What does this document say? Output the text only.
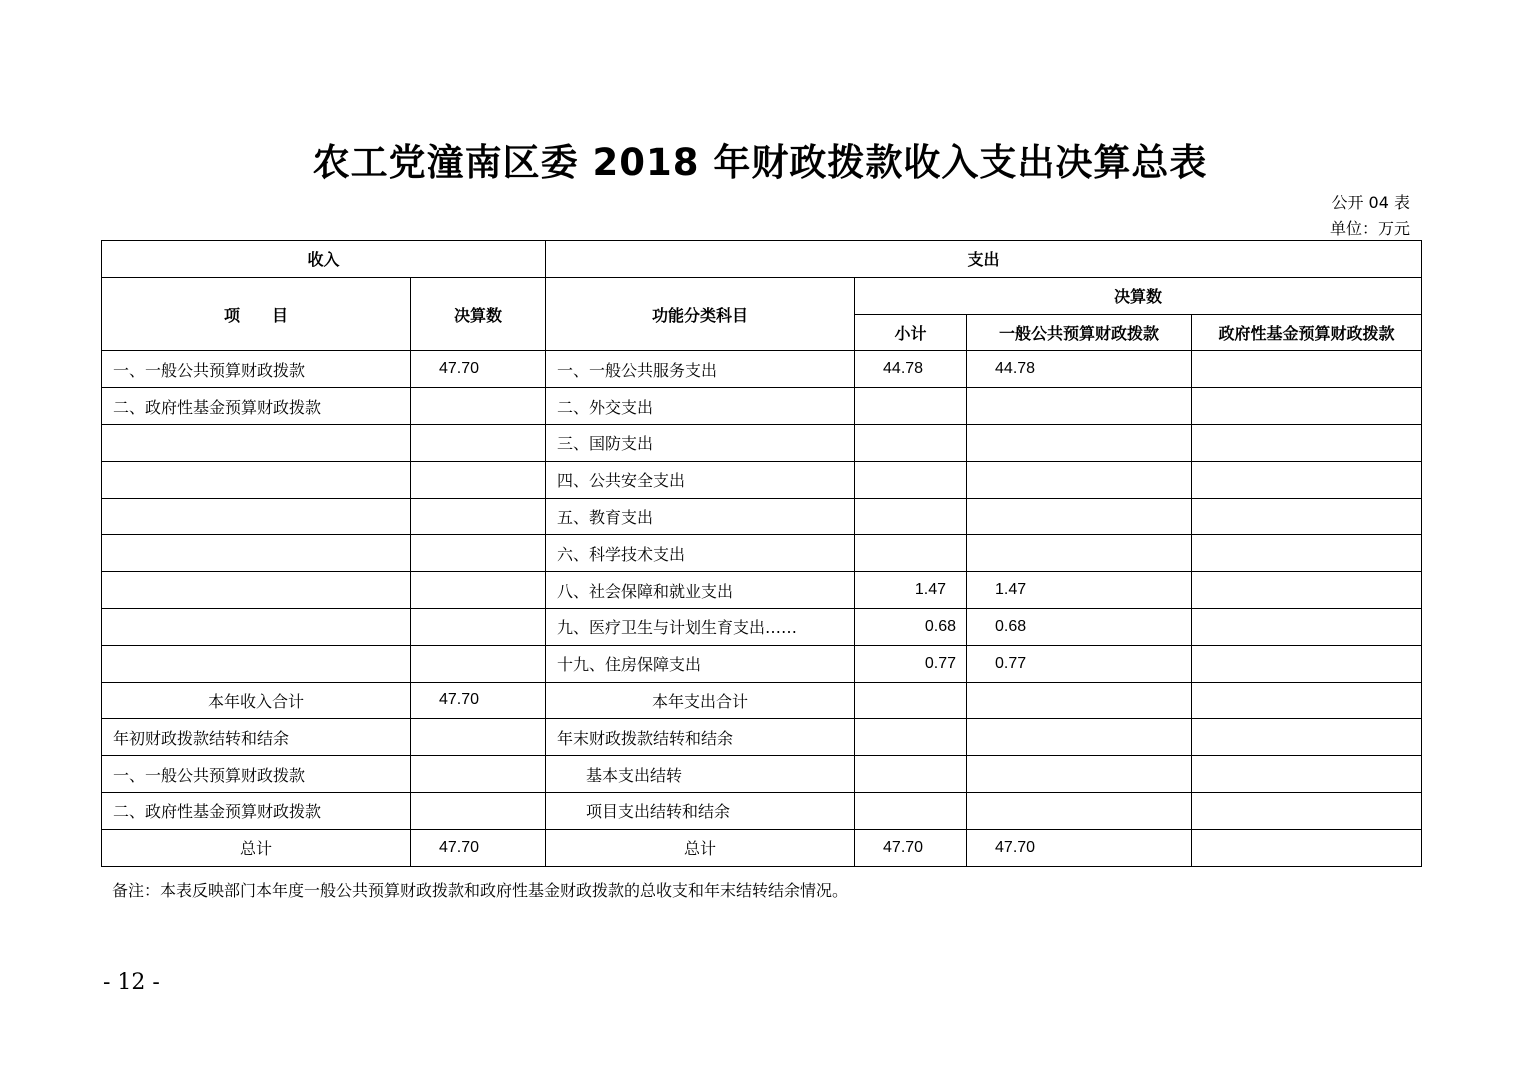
农工党潼南区委 2018 年财政拨款收入支出决算总表
公开 04 表
单位：万元
收入		支出			
项　　目	决算数	功能分类科目	决算数		
			小计	一般公共预算财政拨款	政府性基金预算财政拨款
一、一般公共预算财政拨款	47.70	一、一般公共服务支出	44.78	44.78	
二、政府性基金预算财政拨款		二、外交支出			
		三、国防支出			
		四、公共安全支出			
		五、教育支出			
		六、科学技术支出			
		八、社会保障和就业支出	1.47	1.47	
		九、医疗卫生与计划生育支出……	0.68	0.68	
		十九、住房保障支出	0.77	0.77	
本年收入合计	47.70	本年支出合计			
年初财政拨款结转和结余		年末财政拨款结转和结余			
一、一般公共预算财政拨款		基本支出结转			
二、政府性基金预算财政拨款		项目支出结转和结余			
总计	47.70	总计	47.70	47.70	
备注：本表反映部门本年度一般公共预算财政拨款和政府性基金财政拨款的总收支和年末结转结余情况。
- 12 -
